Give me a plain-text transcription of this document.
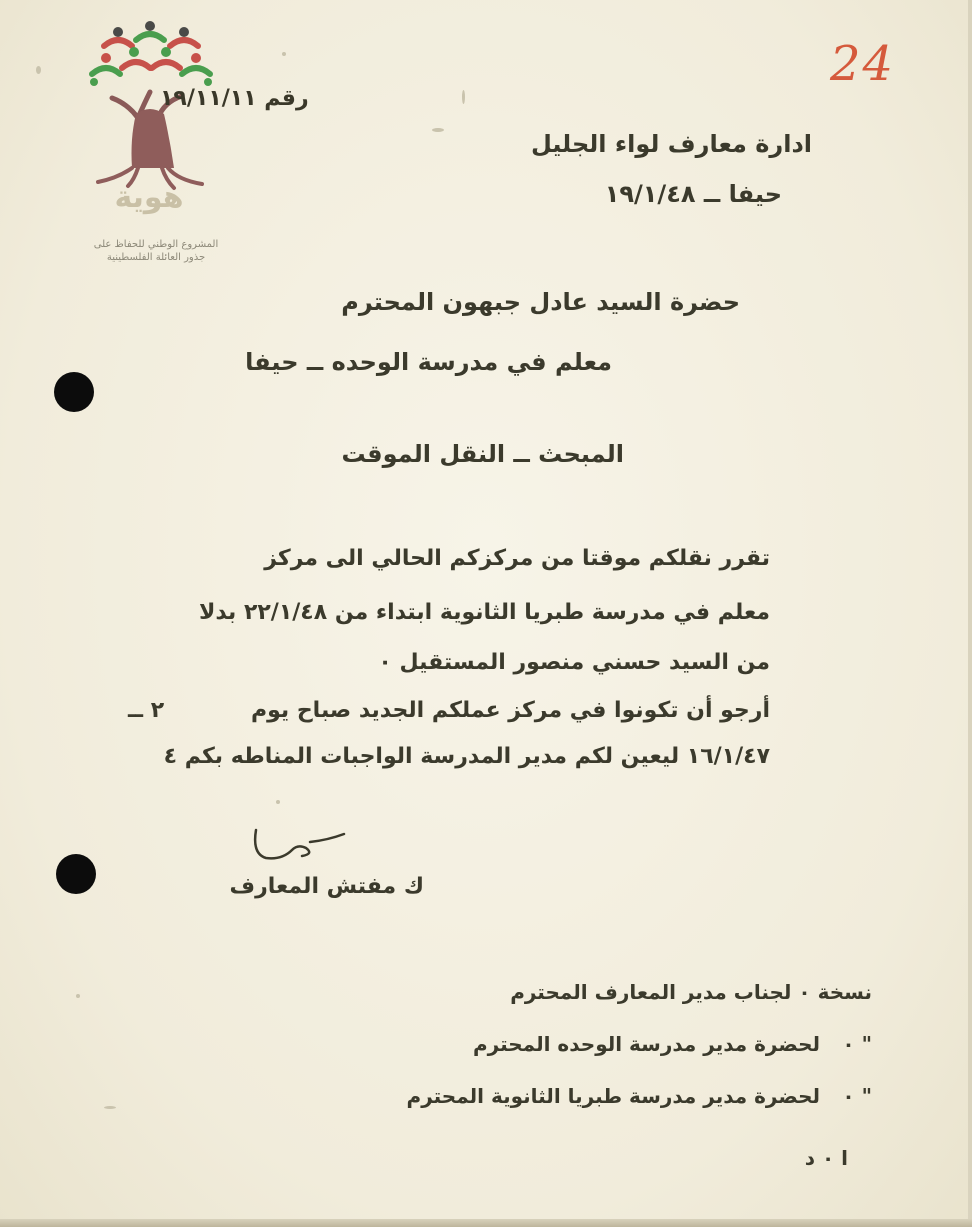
هوية
المشروع الوطني للحفاظ على
جذور العائلة الفلسطينية
24
رقم ١٩/١١/١١
ادارة معارف لواء الجليل
حيفا ــ ١٩/١/٤٨
حضرة السيد عادل جبهون المحترم
معلم في مدرسة الوحده ــ حيفا
المبحث ــ النقل الموقت
تقرر نقلكم موقتا من مركزكم الحالي الى مركز
معلم في مدرسة طبريا الثانوية ابتداء من ٢٢/١/٤٨ بدلا
من السيد حسني منصور المستقيل ٠
أرجو أن تكونوا في مركز عملكم الجديد صباح يوم
٢ ــ
١٦/١/٤٧ ليعين لكم مدير المدرسة الواجبات المناطه بكم ٤
ك مفتش المعارف
نسخة ٠ لجناب مدير المعارف المحترم
" ٠
لحضرة مدير مدرسة الوحده المحترم
" ٠
لحضرة مدير مدرسة طبريا الثانوية المحترم
ا ٠ د
